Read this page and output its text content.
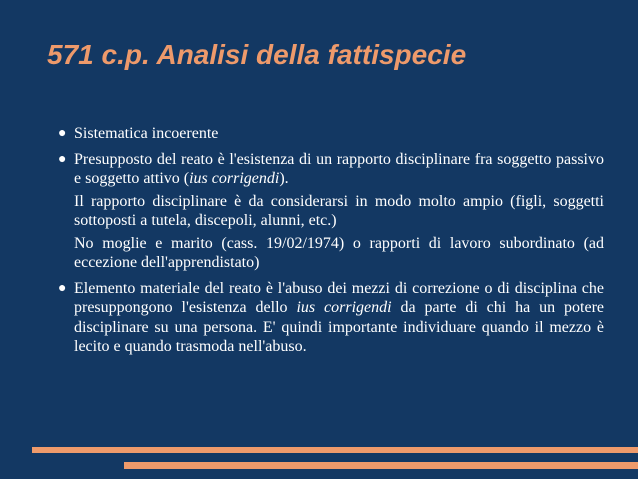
571 c.p. Analisi della fattispecie
● Sistematica incoerente
● Presupposto del reato è l'esistenza di un rapporto disciplinare fra soggetto passivo e soggetto attivo (ius corrigendi).
Il rapporto disciplinare è da considerarsi in modo molto ampio (figli, soggetti sottoposti a tutela, discepoli, alunni, etc.)
No moglie e marito (cass. 19/02/1974) o rapporti di lavoro subordinato (ad eccezione dell'apprendistato)
● Elemento materiale del reato è l'abuso dei mezzi di correzione o di disciplina che presuppongono l'esistenza dello ius corrigendi da parte di chi ha un potere disciplinare su una persona. E' quindi importante individuare quando il mezzo è lecito e quando trasmoda nell'abuso.
